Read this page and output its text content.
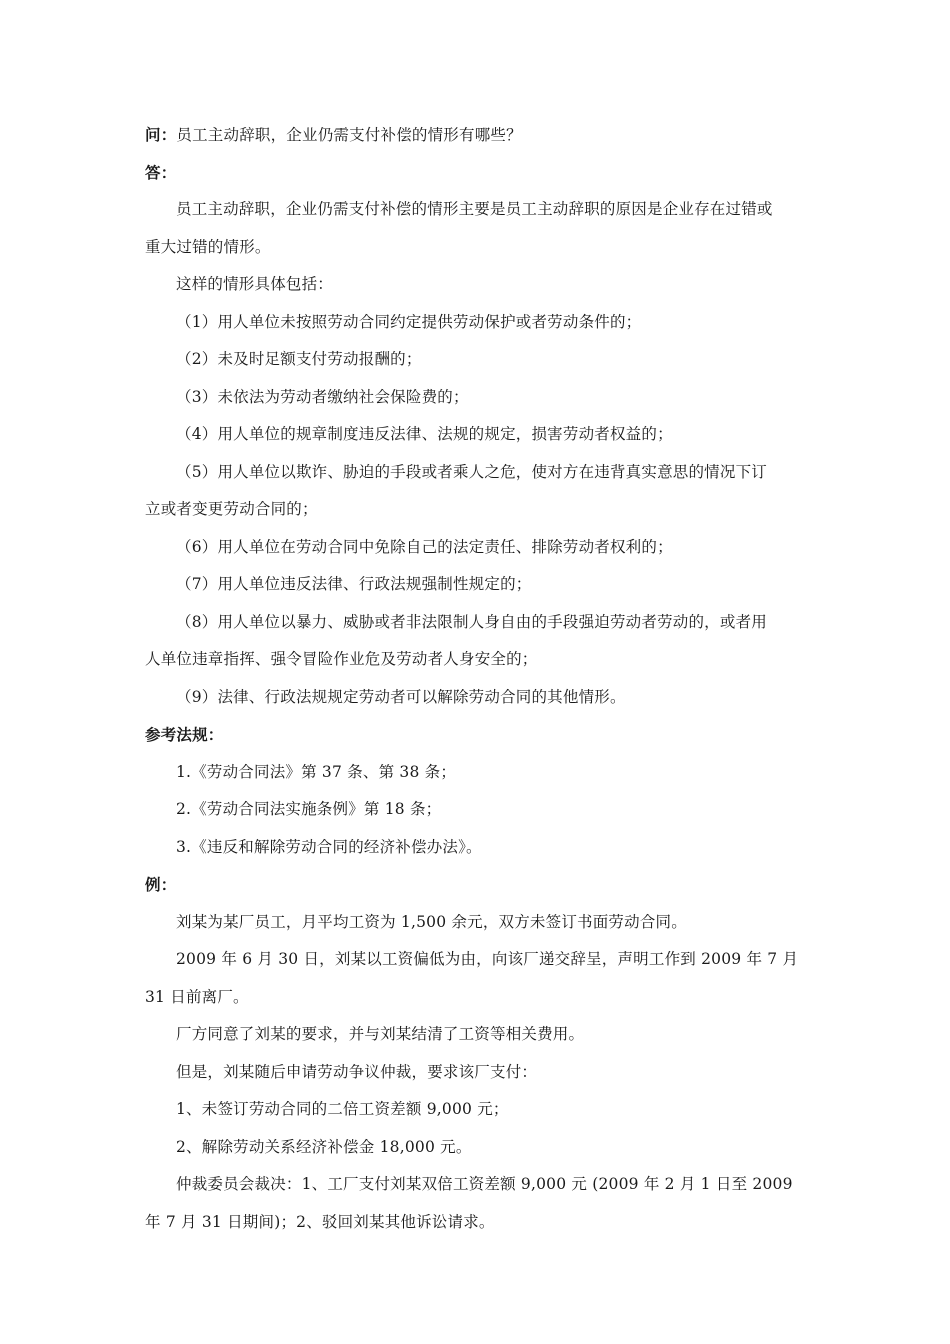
问：员工主动辞职，企业仍需支付补偿的情形有哪些？
答：
员工主动辞职，企业仍需支付补偿的情形主要是员工主动辞职的原因是企业存在过错或
重大过错的情形。
这样的情形具体包括：
（1）用人单位未按照劳动合同约定提供劳动保护或者劳动条件的；
（2）未及时足额支付劳动报酬的；
（3）未依法为劳动者缴纳社会保险费的；
（4）用人单位的规章制度违反法律、法规的规定，损害劳动者权益的；
（5）用人单位以欺诈、胁迫的手段或者乘人之危，使对方在违背真实意思的情况下订
立或者变更劳动合同的；
（6）用人单位在劳动合同中免除自己的法定责任、排除劳动者权利的；
（7）用人单位违反法律、行政法规强制性规定的；
（8）用人单位以暴力、威胁或者非法限制人身自由的手段强迫劳动者劳动的，或者用
人单位违章指挥、强令冒险作业危及劳动者人身安全的；
（9）法律、行政法规规定劳动者可以解除劳动合同的其他情形。
参考法规：
1.《劳动合同法》第 37 条、第 38 条；
2.《劳动合同法实施条例》第 18 条；
3.《违反和解除劳动合同的经济补偿办法》。
例：
刘某为某厂员工，月平均工资为 1,500 余元，双方未签订书面劳动合同。
2009 年 6 月 30 日，刘某以工资偏低为由，向该厂递交辞呈，声明工作到 2009 年 7 月
31 日前离厂。
厂方同意了刘某的要求，并与刘某结清了工资等相关费用。
但是，刘某随后申请劳动争议仲裁，要求该厂支付：
1、未签订劳动合同的二倍工资差额 9,000 元；
2、解除劳动关系经济补偿金 18,000 元。
仲裁委员会裁决：1、工厂支付刘某双倍工资差额 9,000 元 (2009 年 2 月 1 日至 2009
年 7 月 31 日期间)；2、驳回刘某其他诉讼请求。
